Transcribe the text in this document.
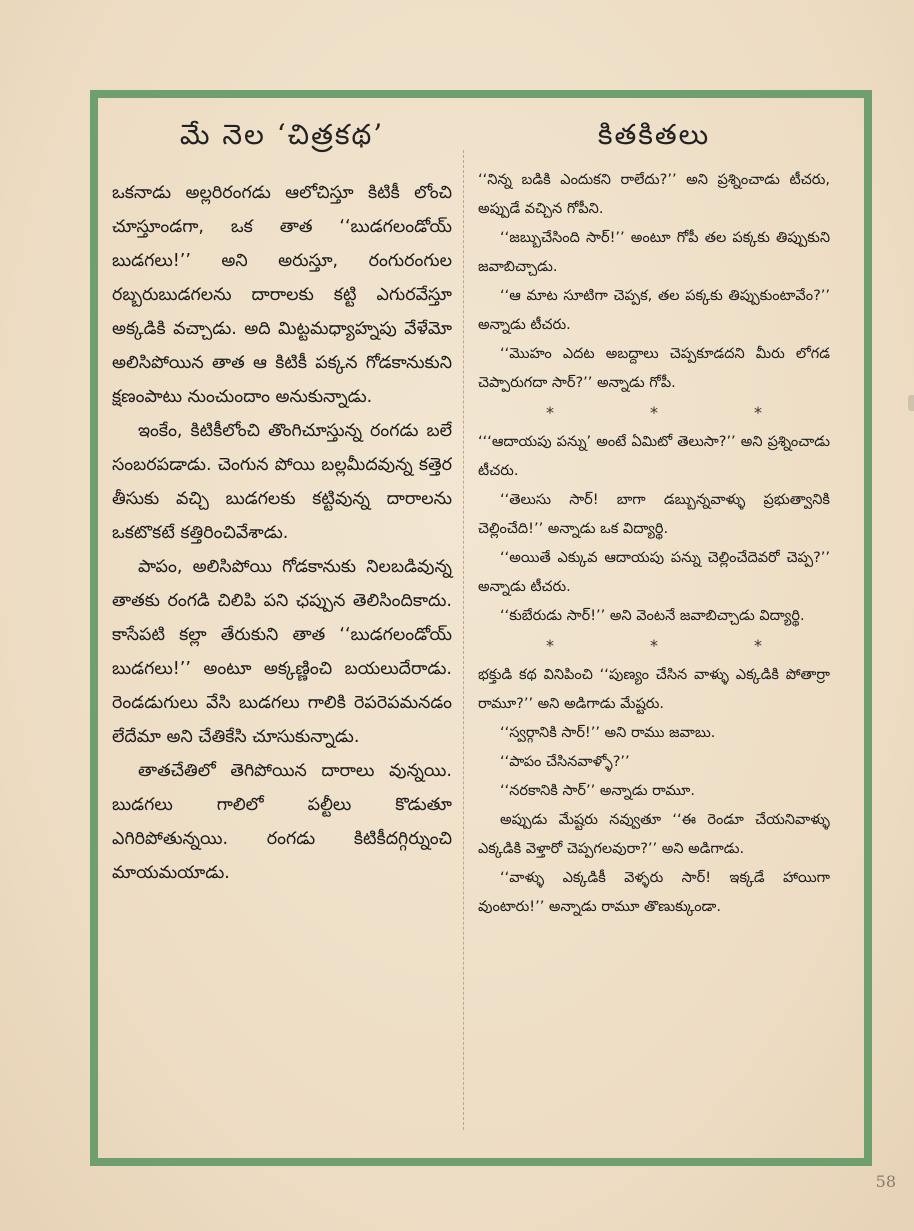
మే నెల ‘చిత్రకథ’

ఒకనాడు అల్లరిరంగడు ఆలోచిస్తూ కిటికీ లోంచి చూస్తూండగా, ఒక తాత ‘‘బుడగలండోయ్ బుడగలు!’’ అని అరుస్తూ, రంగురంగుల రబ్బరుబుడగలను దారాలకు కట్టి ఎగురవేస్తూ అక్కడికి వచ్చాడు. అది మిట్టమధ్యాహ్నపు వేళేమో అలిసిపోయిన తాత ఆ కిటికీ పక్కన గోడకానుకుని క్షణంపాటు నుంచుందాం అనుకున్నాడు.

ఇంకేం, కిటికీలోంచి తొంగిచూస్తున్న రంగడు బలే సంబరపడాడు. చెంగున పోయి బల్లమీదవున్న కత్తెర తీసుకు వచ్చి బుడగలకు కట్టివున్న దారాలను ఒకటొకటే కత్తిరించివేశాడు.

పాపం, అలిసిపోయి గోడకానుకు నిలబడివున్న తాతకు రంగడి చిలిపి పని ఛప్పున తెలిసిందికాదు. కాసేపటి కల్లా తేరుకుని తాత ‘‘బుడగలండోయ్ బుడగలు!’’ అంటూ అక్కణ్ణించి బయలుదేరాడు. రెండడుగులు వేసి బుడగలు గాలికి రెపరెపమనడం లేదేమా అని చేతికేసి చూసుకున్నాడు.

తాతచేతిలో తెగిపోయిన దారాలు వున్నయి. బుడగలు గాలిలో పల్టీలు కొడుతూ ఎగిరిపోతున్నయి. రంగడు కిటికీదగ్గిర్నుంచి మాయమయాడు.

కితకితలు

‘‘నిన్న బడికి ఎందుకని రాలేదు?’’ అని ప్రశ్నించాడు టీచరు, అప్పుడే వచ్చిన గోపీని.

‘‘జబ్బుచేసింది సార్!’’ అంటూ గోపీ తల పక్కకు తిప్పుకుని జవాబిచ్చాడు.

‘‘ఆ మాట సూటిగా చెప్పక, తల పక్కకు తిప్పుకుంటావేం?’’ అన్నాడు టీచరు.

‘‘మొహం ఎదట అబద్దాలు చెప్పకూడదని మీరు లోగడ చెప్పారుగదా సార్?’’ అన్నాడు గోపీ.

*	*	*

‘‘‘ఆదాయపు పన్ను’ అంటే ఏమిటో తెలుసా?’’ అని ప్రశ్నించాడు టీచరు.

‘‘తెలుసు సార్! బాగా డబ్బున్నవాళ్ళు ప్రభుత్వానికి చెల్లించేది!’’ అన్నాడు ఒక విద్యార్థి.

‘‘అయితే ఎక్కువ ఆదాయపు పన్ను చెల్లించేదెవరో చెప్ప?’’ అన్నాడు టీచరు.

‘‘కుబేరుడు సార్!’’ అని వెంటనే జవాబిచ్చాడు విద్యార్థి.

*	*	*

భక్తుడి కథ వినిపించి ‘‘పుణ్యం చేసిన వాళ్ళు ఎక్కడికి పోతార్రా రామూ?’’ అని అడిగాడు మేష్టరు.

‘‘స్వర్గానికి సార్!’’ అని రాము జవాబు.

‘‘పాపం చేసినవాళ్ళో?’’

‘‘నరకానికి సార్’’ అన్నాడు రామూ.

అప్పుడు మేష్టరు నవ్వుతూ ‘‘ఈ రెండూ చేయనివాళ్ళు ఎక్కడికి వెళ్తారో చెప్పగలవురా?’’ అని అడిగాడు.

‘‘వాళ్ళు ఎక్కడికీ వెళ్ళరు సార్! ఇక్కడే హాయిగా వుంటారు!’’ అన్నాడు రామూ తొణుక్కుండా.

58
